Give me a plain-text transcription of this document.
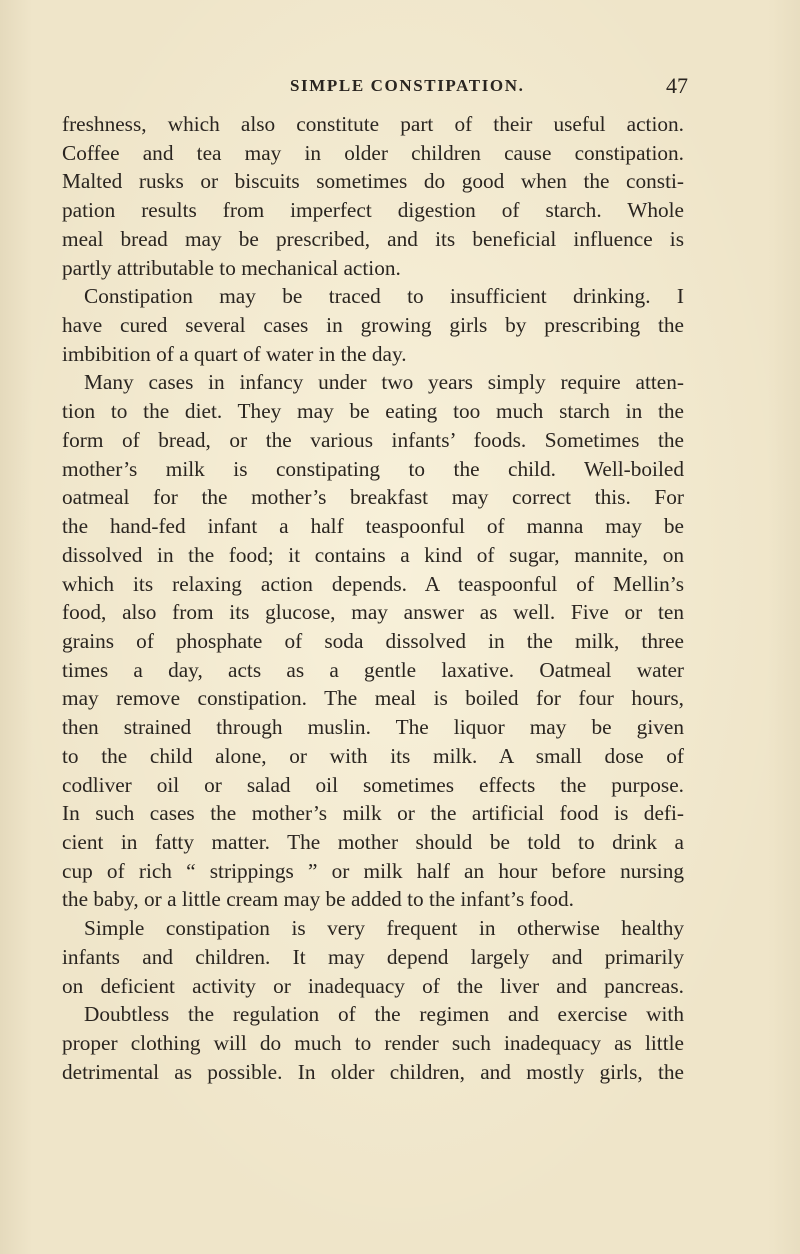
SIMPLE CONSTIPATION.	47
freshness, which also constitute part of their useful action.
Coffee and tea may in older children cause constipation.
Malted rusks or biscuits sometimes do good when the consti-
pation results from imperfect digestion of starch. Whole
meal bread may be prescribed, and its beneficial influence is
partly attributable to mechanical action.
Constipation may be traced to insufficient drinking. I
have cured several cases in growing girls by prescribing the
imbibition of a quart of water in the day.
Many cases in infancy under two years simply require atten-
tion to the diet. They may be eating too much starch in the
form of bread, or the various infants’ foods. Sometimes the
mother’s milk is constipating to the child. Well-boiled
oatmeal for the mother’s breakfast may correct this. For
the hand-fed infant a half teaspoonful of manna may be
dissolved in the food; it contains a kind of sugar, mannite, on
which its relaxing action depends. A teaspoonful of Mellin’s
food, also from its glucose, may answer as well. Five or ten
grains of phosphate of soda dissolved in the milk, three
times a day, acts as a gentle laxative. Oatmeal water
may remove constipation. The meal is boiled for four hours,
then strained through muslin. The liquor may be given
to the child alone, or with its milk. A small dose of
codliver oil or salad oil sometimes effects the purpose.
In such cases the mother’s milk or the artificial food is defi-
cient in fatty matter. The mother should be told to drink a
cup of rich “ strippings ” or milk half an hour before nursing
the baby, or a little cream may be added to the infant’s food.
Simple constipation is very frequent in otherwise healthy
infants and children. It may depend largely and primarily
on deficient activity or inadequacy of the liver and pancreas.
Doubtless the regulation of the regimen and exercise with
proper clothing will do much to render such inadequacy as little
detrimental as possible. In older children, and mostly girls, the
